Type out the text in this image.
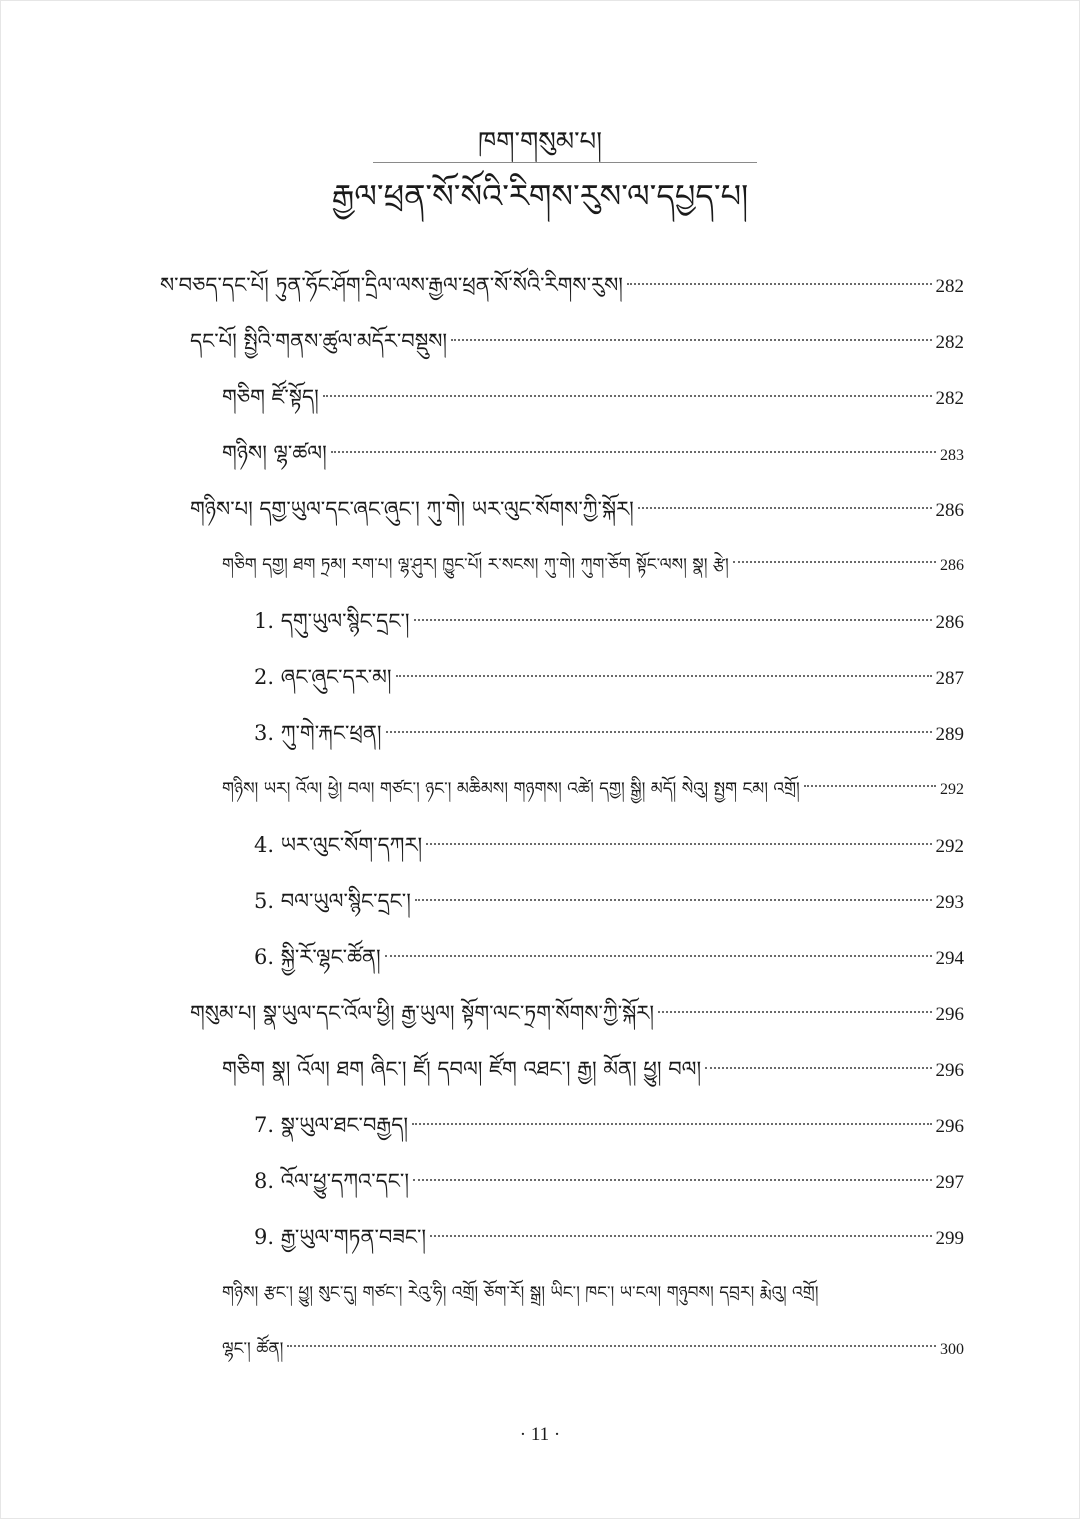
ཁག་གསུམ་པ།
རྒྱལ་ཕྲན་སོ་སོའི་རིགས་རུས་ལ་དཔྱད་པ།
ས་བཅད་དང་པོ། ཏུན་ཧོང་ཤོག་དྲིལ་ལས་རྒྱལ་ཕྲན་སོ་སོའི་རིགས་རུས།	282
དང་པོ། སྤྱིའི་གནས་ཚུལ་མདོར་བསྡུས།	282
གཅིག ཛོ་སྟོད།	282
གཉིས། ལྷ་ཚལ།	283
གཉིས་པ། དགྱ་ཡུལ་དང་ཞང་ཞུང་། ཀུ་གེ། ཡར་ལུང་སོགས་ཀྱི་སྐོར།	286
གཅིག དགྱ། ཐག ཏྲམ། རག་པ། ལྷ་ཤུར། ཁྱུང་པོ། ར་སངས། ཀུ་གེ། ཀུག་ཅོག སྟོང་ལས། སྣ། རྩེ།	286
1. དགུ་ཡུལ་སྙིང་དྲང་།	286
2. ཞང་ཞུང་དར་མ།	287
3. ཀུ་གེ་རྐང་ཕྲན།	289
གཉིས། ཡར། འོལ། ཕྱེ། བལ། གཙང་། ཉང་། མཆིམས། གཉགས། འཚེ། དགྱ། སྒྱི། མདོ། སེའུ། སྤྱག ངམ། འགྲོ།	292
4. ཡར་ལུང་སོག་དཀར།	292
5. བལ་ཡུལ་སྙིང་དྲང་།	293
6. སྐྱི་རོ་ལྷང་ཚོན།	294
གསུམ་པ། སྣ་ཡུལ་དང་འོལ་ཕྱི། རྒྱ་ཡུལ། སྟོག་ལང་ཏྲག་སོགས་ཀྱི་སྐོར།	296
གཅིག སྣ། འོལ། ཐག ཞིང་། ཛོ། དབལ། ཛོག འཐང་། རྒྱ། མོན། ཕྱུ། བལ།	296
7. སྣ་ཡུལ་ཐང་བརྒྱད།	296
8. འོལ་ཕྱུ་དཀའ་དང་།	297
9. རྒྱ་ཡུལ་གཏན་བཟང་།	299
གཉིས། རྩང་། ཕྱུ། སུང་དུ། གཙང་། རེའུ་ཧི། འགྲོ། ཅོག་རོ། སྒྲ། ཡིང་། ཁང་། ཡ་ངལ། གཉུབས། དབྲར། རྨེའུ། འགྲོ།
ལྷང་། ཚོན།	300
· 11 ·
